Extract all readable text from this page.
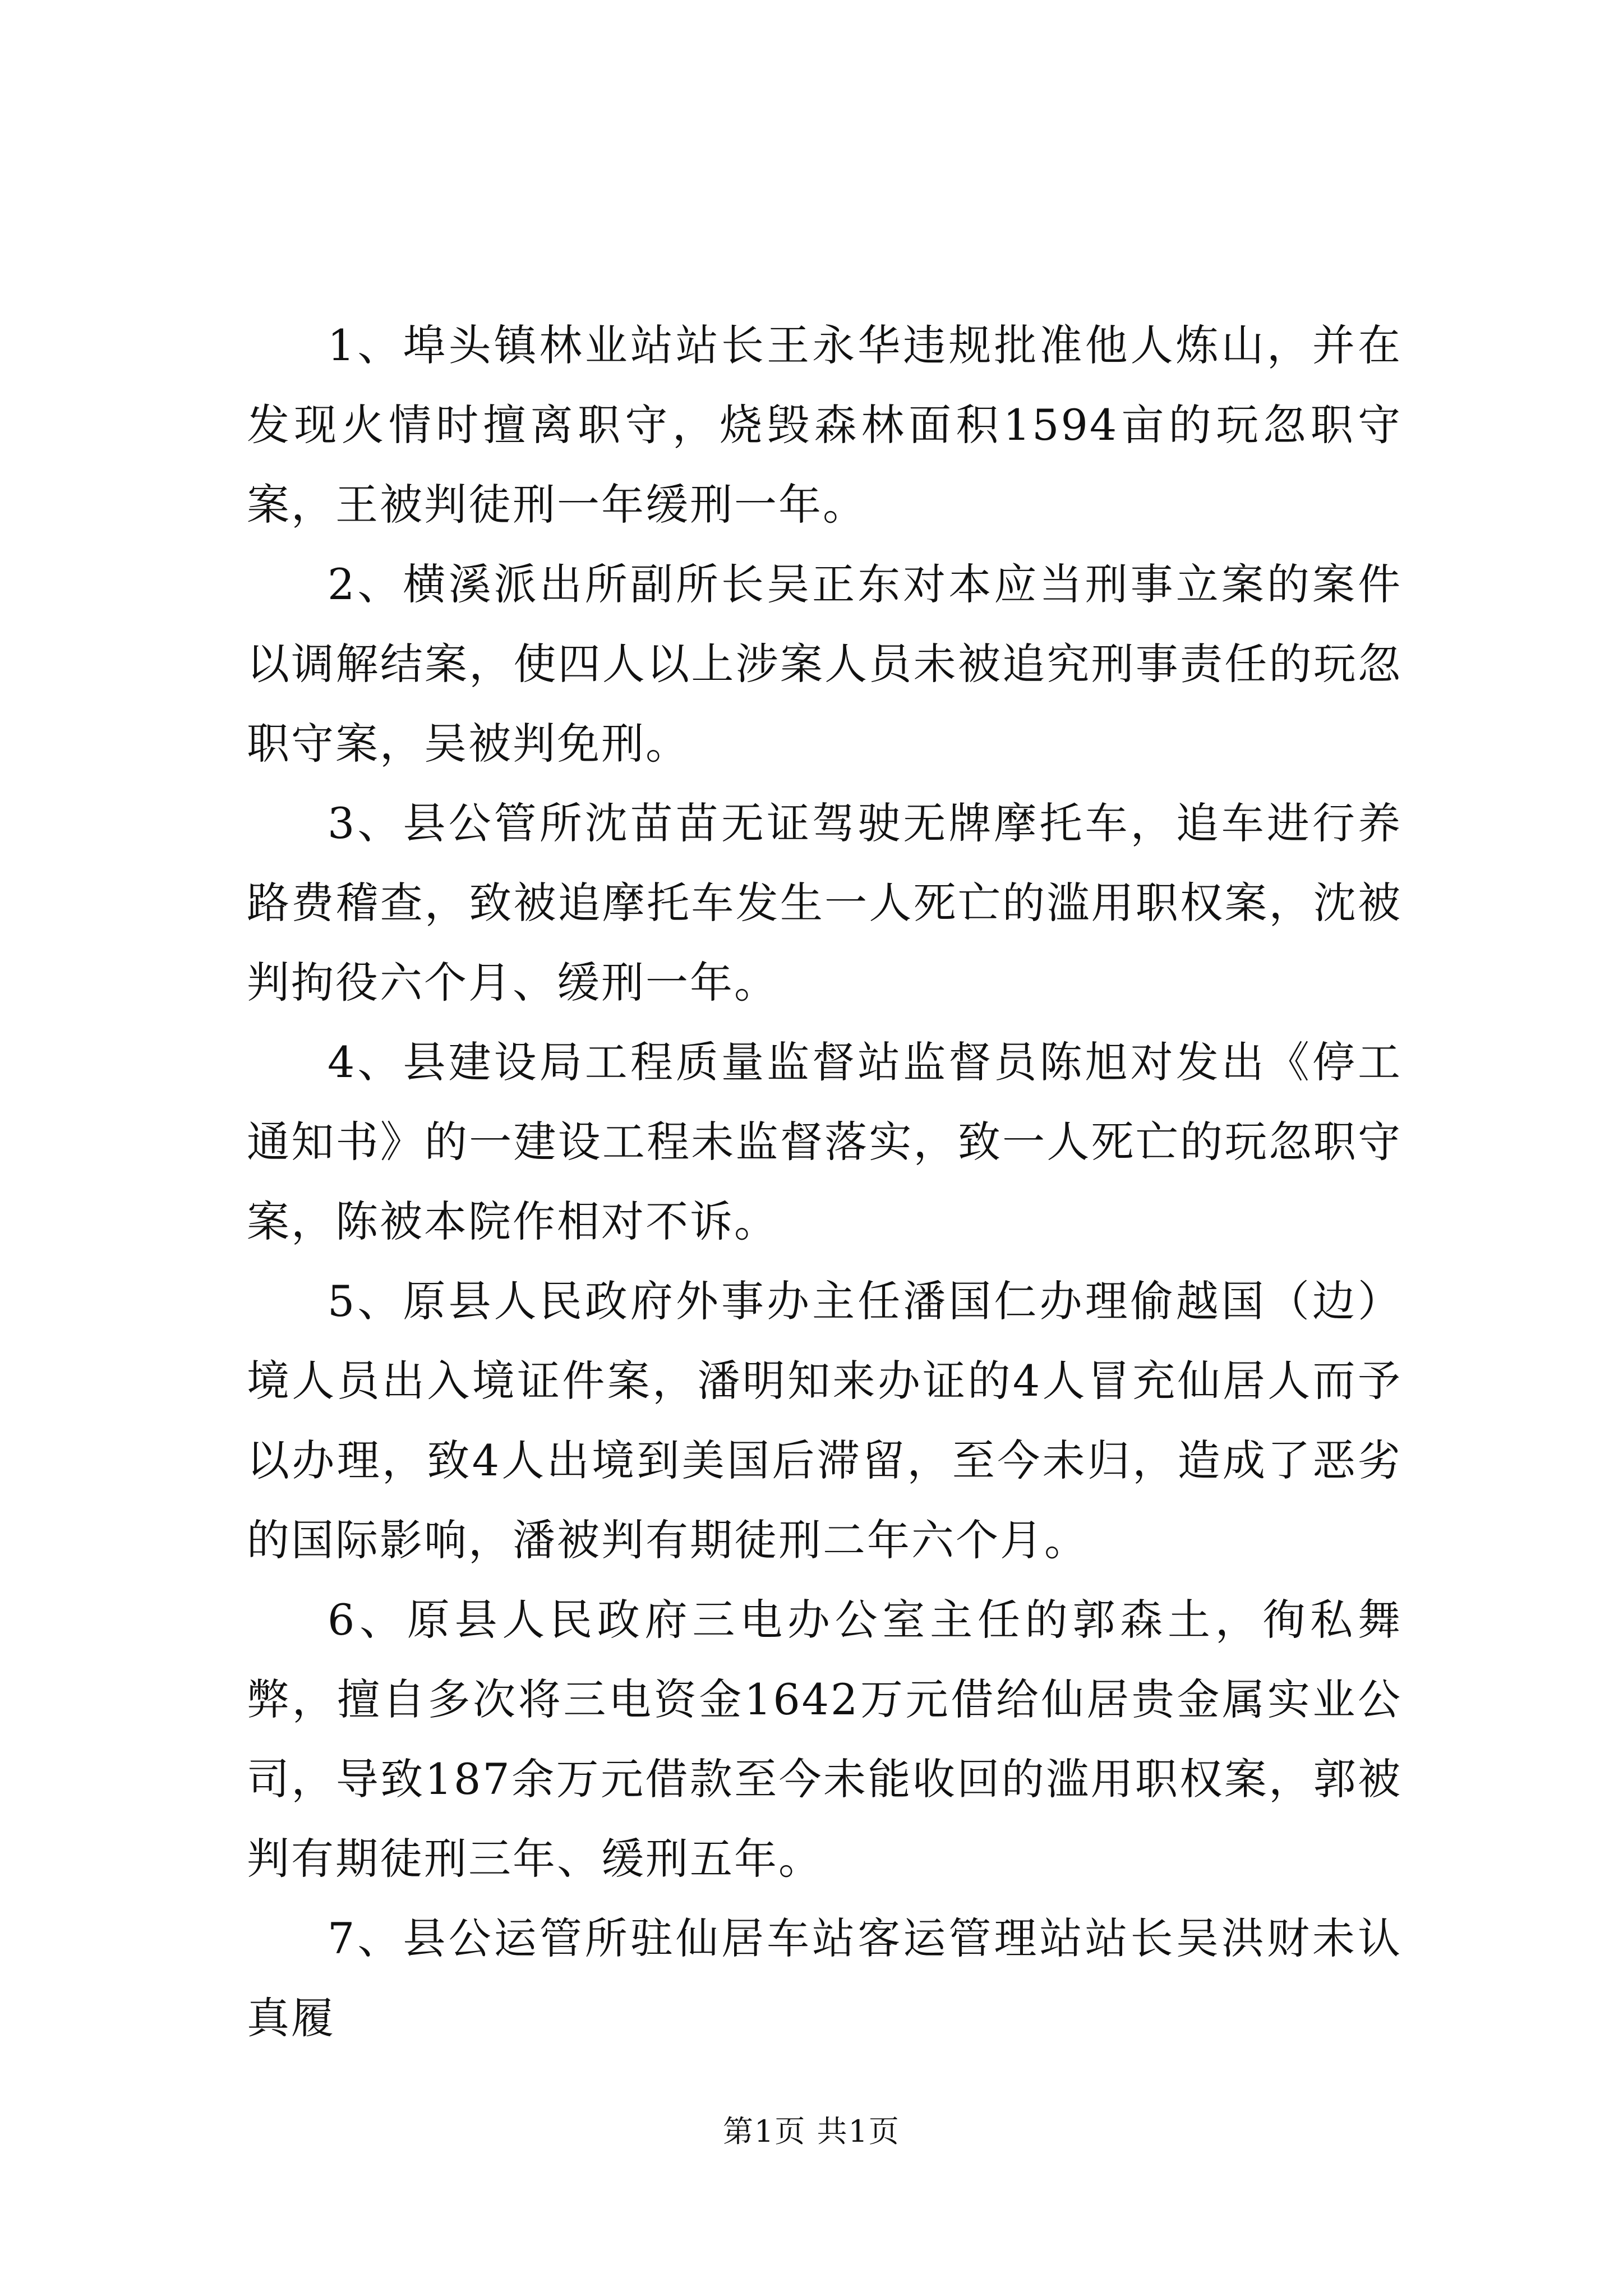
1、埠头镇林业站站长王永华违规批准他人炼山，并在发现火情时擅离职守，烧毁森林面积1594亩的玩忽职守案，王被判徒刑一年缓刑一年。

2、横溪派出所副所长吴正东对本应当刑事立案的案件以调解结案，使四人以上涉案人员未被追究刑事责任的玩忽职守案，吴被判免刑。

3、县公管所沈苗苗无证驾驶无牌摩托车，追车进行养路费稽查，致被追摩托车发生一人死亡的滥用职权案，沈被判拘役六个月、缓刑一年。

4、县建设局工程质量监督站监督员陈旭对发出《停工通知书》的一建设工程未监督落实，致一人死亡的玩忽职守案，陈被本院作相对不诉。

5、原县人民政府外事办主任潘国仁办理偷越国（边）境人员出入境证件案，潘明知来办证的4人冒充仙居人而予以办理，致4人出境到美国后滞留，至今未归，造成了恶劣的国际影响，潘被判有期徒刑二年六个月。

6、原县人民政府三电办公室主任的郭森土，徇私舞弊，擅自多次将三电资金1642万元借给仙居贵金属实业公司，导致187余万元借款至今未能收回的滥用职权案，郭被判有期徒刑三年、缓刑五年。

7、县公运管所驻仙居车站客运管理站站长吴洪财未认真履

第1页 共1页
